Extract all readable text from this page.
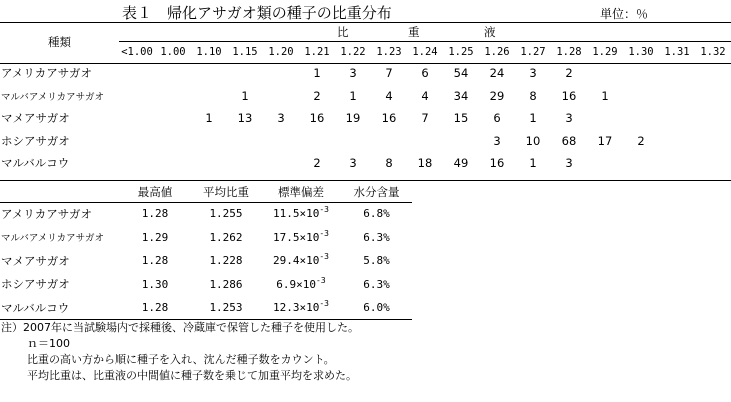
表１　帰化アサガオ類の種子の比重分布	単位：％
種類	比 重 液																

	<1.00	1.00	1.10	1.15	1.20	1.21	1.22	1.23	1.24	1.25	1.26	1.27	1.28	1.29	1.30	1.31	1.32
アメリカアサガオ						1	3	7	6	54	24	3	2				
マルバアメリカアサガオ				1		2	1	4	4	34	29	8	16	1			
マメアサガオ			1	13	3	16	19	16	7	15	6	1	3				
ホシアサガオ											3	10	68	17	2		
マルバルコウ						2	3	8	18	49	16	1	3				
	最高値	平均比重	標準偏差	水分含量
アメリカアサガオ	1.28	1.255	$11.5\times 10^{-3}$	6.8%
マルバアメリカアサガオ	1.29	1.262	$17.5\times 10^{-3}$	6.3%
マメアサガオ	1.28	1.228	$29.4\times 10^{-3}$	5.8%
ホシアサガオ	1.30	1.286	$6.9\times 10^{-3}$	6.3%
マルバルコウ	1.28	1.253	$12.3\times 10^{-3}$	6.0%
注）2007年に当試験場内で採種後、冷蔵庫で保管した種子を使用した。
ｎ＝100
比重の高い方から順に種子を入れ、沈んだ種子数をカウント。
平均比重は、比重液の中間値に種子数を乗じて加重平均を求めた。
